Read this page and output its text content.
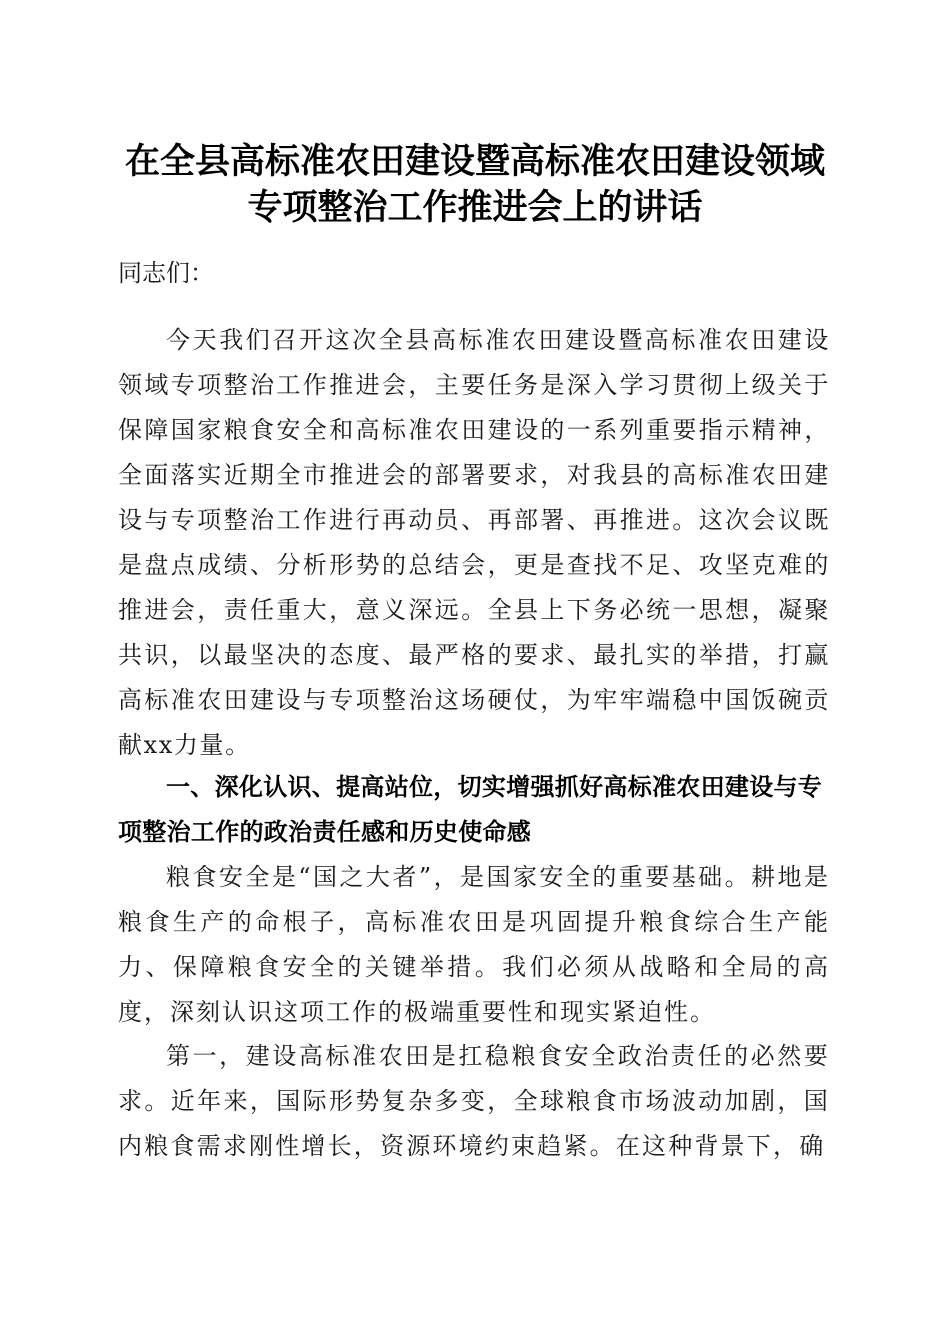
在全县高标准农田建设暨高标准农田建设领域
专项整治工作推进会上的讲话

同志们：

今天我们召开这次全县高标准农田建设暨高标准农田建设领域专项整治工作推进会，主要任务是深入学习贯彻上级关于保障国家粮食安全和高标准农田建设的一系列重要指示精神，全面落实近期全市推进会的部署要求，对我县的高标准农田建设与专项整治工作进行再动员、再部署、再推进。这次会议既是盘点成绩、分析形势的总结会，更是查找不足、攻坚克难的推进会，责任重大，意义深远。全县上下务必统一思想，凝聚共识，以最坚决的态度、最严格的要求、最扎实的举措，打赢高标准农田建设与专项整治这场硬仗，为牢牢端稳中国饭碗贡献xx力量。

一、深化认识、提高站位，切实增强抓好高标准农田建设与专项整治工作的政治责任感和历史使命感

粮食安全是“国之大者”，是国家安全的重要基础。耕地是粮食生产的命根子，高标准农田是巩固提升粮食综合生产能力、保障粮食安全的关键举措。我们必须从战略和全局的高度，深刻认识这项工作的极端重要性和现实紧迫性。

第一，建设高标准农田是扛稳粮食安全政治责任的必然要求。近年来，国际形势复杂多变，全球粮食市场波动加剧，国内粮食需求刚性增长，资源环境约束趋紧。在这种背景下，确
